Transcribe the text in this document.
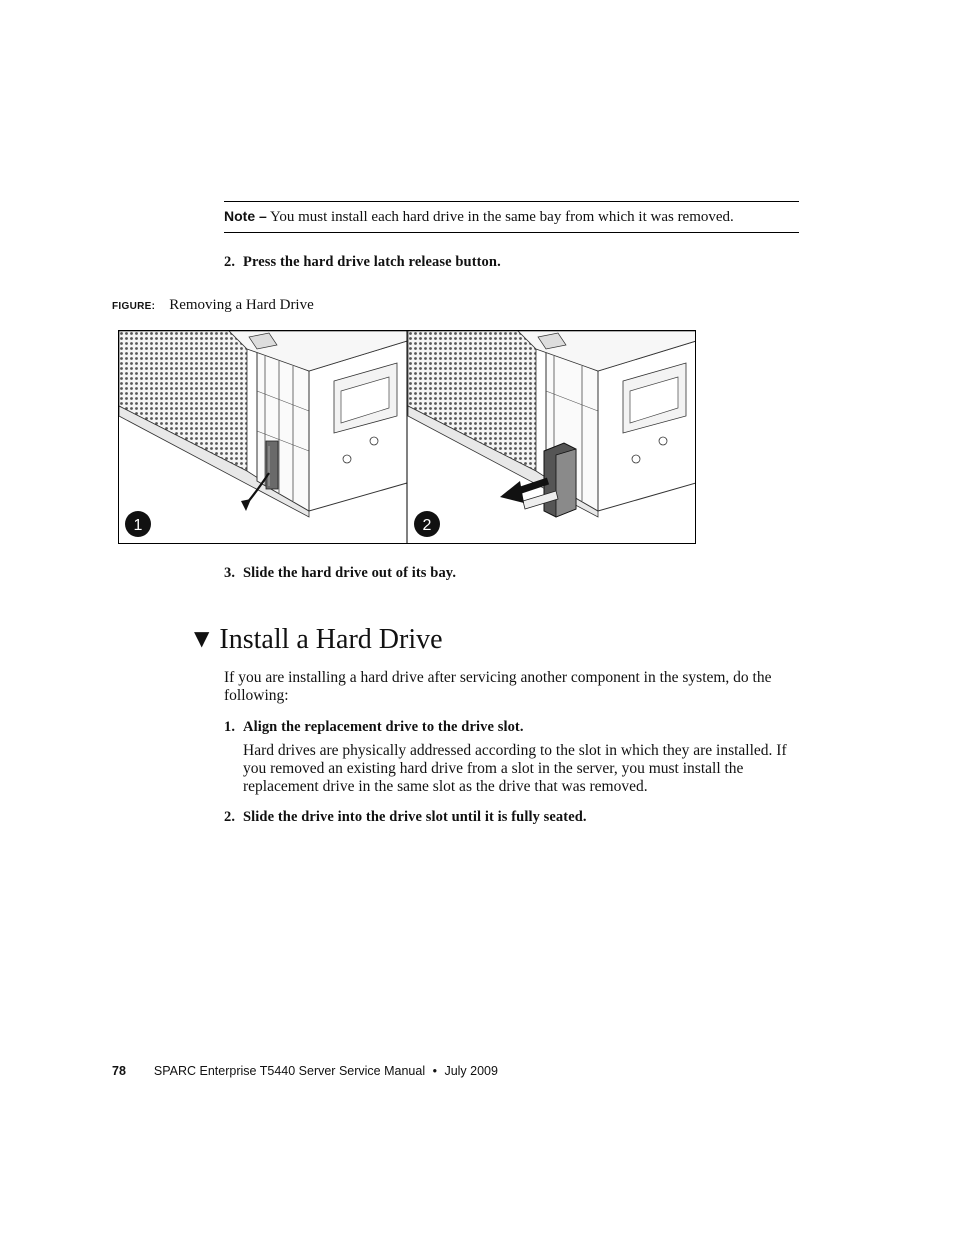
Note – You must install each hard drive in the same bay from which it was removed.
2. Press the hard drive latch release button.
FIGURE: Removing a Hard Drive
1	2
3. Slide the hard drive out of its bay.
▼ Install a Hard Drive
If you are installing a hard drive after servicing another component in the system, do the following:
1. Align the replacement drive to the drive slot.
Hard drives are physically addressed according to the slot in which they are installed. If you removed an existing hard drive from a slot in the server, you must install the replacement drive in the same slot as the drive that was removed.
2. Slide the drive into the drive slot until it is fully seated.
78 SPARC Enterprise T5440 Server Service Manual • July 2009
